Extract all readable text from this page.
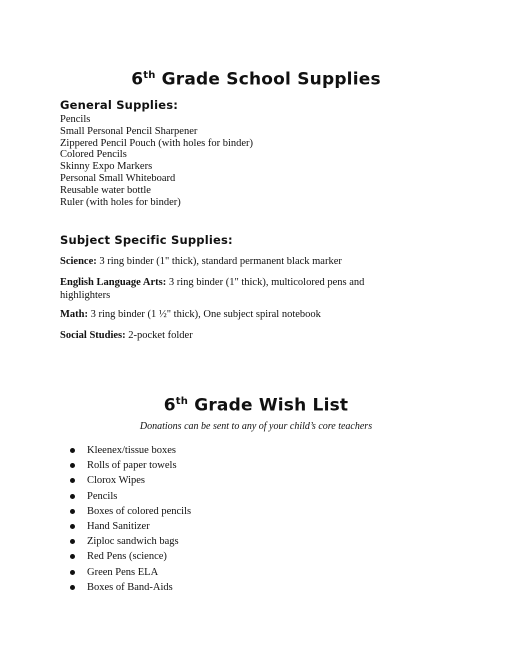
6th Grade School Supplies
General Supplies:
Pencils
Small Personal Pencil Sharpener
Zippered Pencil Pouch (with holes for binder)
Colored Pencils
Skinny Expo Markers
Personal Small Whiteboard
Reusable water bottle
Ruler (with holes for binder)
Subject Specific Supplies:
Science: 3 ring binder (1" thick), standard permanent black marker
English Language Arts: 3 ring binder (1" thick), multicolored pens and highlighters
Math: 3 ring binder (1 ½" thick), One subject spiral notebook
Social Studies: 2-pocket folder
6th Grade Wish List
Donations can be sent to any of your child’s core teachers
Kleenex/tissue boxes
Rolls of paper towels
Clorox Wipes
Pencils
Boxes of colored pencils
Hand Sanitizer
Ziploc sandwich bags
Red Pens (science)
Green Pens ELA
Boxes of Band-Aids
